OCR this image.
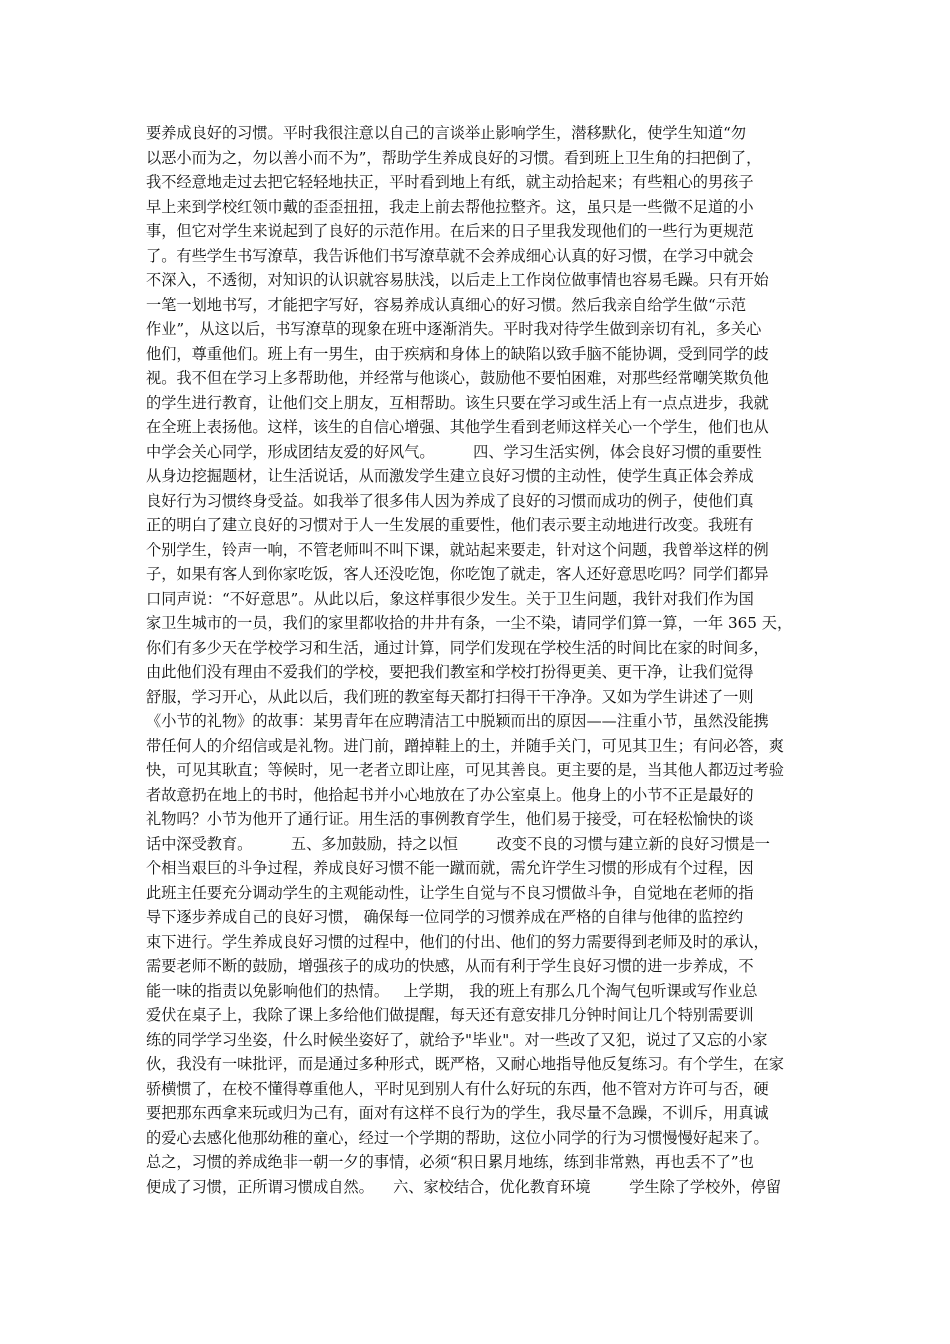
要养成良好的习惯。平时我很注意以自己的言谈举止影响学生，潜移默化，使学生知道“勿
以恶小而为之，勿以善小而不为”，帮助学生养成良好的习惯。看到班上卫生角的扫把倒了，
我不经意地走过去把它轻轻地扶正，平时看到地上有纸，就主动拾起来；有些粗心的男孩子
早上来到学校红领巾戴的歪歪扭扭，我走上前去帮他拉整齐。这，虽只是一些微不足道的小
事，但它对学生来说起到了良好的示范作用。在后来的日子里我发现他们的一些行为更规范
了。有些学生书写潦草，我告诉他们书写潦草就不会养成细心认真的好习惯，在学习中就会
不深入，不透彻，对知识的认识就容易肤浅，以后走上工作岗位做事情也容易毛躁。只有开始
一笔一划地书写，才能把字写好，容易养成认真细心的好习惯。然后我亲自给学生做“示范
作业”，从这以后，书写潦草的现象在班中逐渐消失。平时我对待学生做到亲切有礼，多关心
他们，尊重他们。班上有一男生，由于疾病和身体上的缺陷以致手脑不能协调，受到同学的歧
视。我不但在学习上多帮助他，并经常与他谈心，鼓励他不要怕困难，对那些经常嘲笑欺负他
的学生进行教育，让他们交上朋友，互相帮助。该生只要在学习或生活上有一点点进步，我就
在全班上表扬他。这样，该生的自信心增强、其他学生看到老师这样关心一个学生，他们也从
中学会关心同学，形成团结友爱的好风气。        四、学习生活实例，体会良好习惯的重要性
从身边挖掘题材，让生活说话，从而激发学生建立良好习惯的主动性，使学生真正体会养成
良好行为习惯终身受益。如我举了很多伟人因为养成了良好的习惯而成功的例子，使他们真
正的明白了建立良好的习惯对于人一生发展的重要性，他们表示要主动地进行改变。我班有
个别学生，铃声一响，不管老师叫不叫下课，就站起来要走，针对这个问题，我曾举这样的例
子，如果有客人到你家吃饭，客人还没吃饱，你吃饱了就走，客人还好意思吃吗？同学们都异
口同声说：“不好意思”。从此以后，象这样事很少发生。关于卫生问题，我针对我们作为国
家卫生城市的一员，我们的家里都收拾的井井有条，一尘不染，请同学们算一算，一年 365 天，
你们有多少天在学校学习和生活，通过计算，同学们发现在学校生活的时间比在家的时间多，
由此他们没有理由不爱我们的学校，要把我们教室和学校打扮得更美、更干净，让我们觉得
舒服，学习开心，从此以后，我们班的教室每天都打扫得干干净净。又如为学生讲述了一则
《小节的礼物》的故事：某男青年在应聘清洁工中脱颖而出的原因——注重小节，虽然没能携
带任何人的介绍信或是礼物。进门前，蹭掉鞋上的土，并随手关门，可见其卫生；有问必答，爽
快，可见其耿直；等候时，见一老者立即让座，可见其善良。更主要的是，当其他人都迈过考验
者故意扔在地上的书时，他拾起书并小心地放在了办公室桌上。他身上的小节不正是最好的
礼物吗？小节为他开了通行证。用生活的事例教育学生，他们易于接受，可在轻松愉快的谈
话中深受教育。        五、多加鼓励，持之以恒        改变不良的习惯与建立新的良好习惯是一
个相当艰巨的斗争过程，养成良好习惯不能一蹴而就，需允许学生习惯的形成有个过程，因
此班主任要充分调动学生的主观能动性，让学生自觉与不良习惯做斗争，自觉地在老师的指
导下逐步养成自己的良好习惯， 确保每一位同学的习惯养成在严格的自律与他律的监控约
束下进行。学生养成良好习惯的过程中，他们的付出、他们的努力需要得到老师及时的承认，
需要老师不断的鼓励，增强孩子的成功的快感，从而有利于学生良好习惯的进一步养成，不
能一味的指责以免影响他们的热情。   上学期， 我的班上有那么几个淘气包听课或写作业总
爱伏在桌子上，我除了课上多给他们做提醒，每天还有意安排几分钟时间让几个特别需要训
练的同学学习坐姿，什么时候坐姿好了，就给予"毕业"。对一些改了又犯，说过了又忘的小家
伙，我没有一味批评，而是通过多种形式，既严格，又耐心地指导他反复练习。有个学生，在家
骄横惯了，在校不懂得尊重他人，平时见到别人有什么好玩的东西，他不管对方许可与否，硬
要把那东西拿来玩或归为己有，面对有这样不良行为的学生，我尽量不急躁，不训斥，用真诚
的爱心去感化他那幼稚的童心，经过一个学期的帮助，这位小同学的行为习惯慢慢好起来了。
总之，习惯的养成绝非一朝一夕的事情，必须“积日累月地练，练到非常熟，再也丢不了”也
便成了习惯，正所谓习惯成自然。    六、家校结合，优化教育环境        学生除了学校外，停留
